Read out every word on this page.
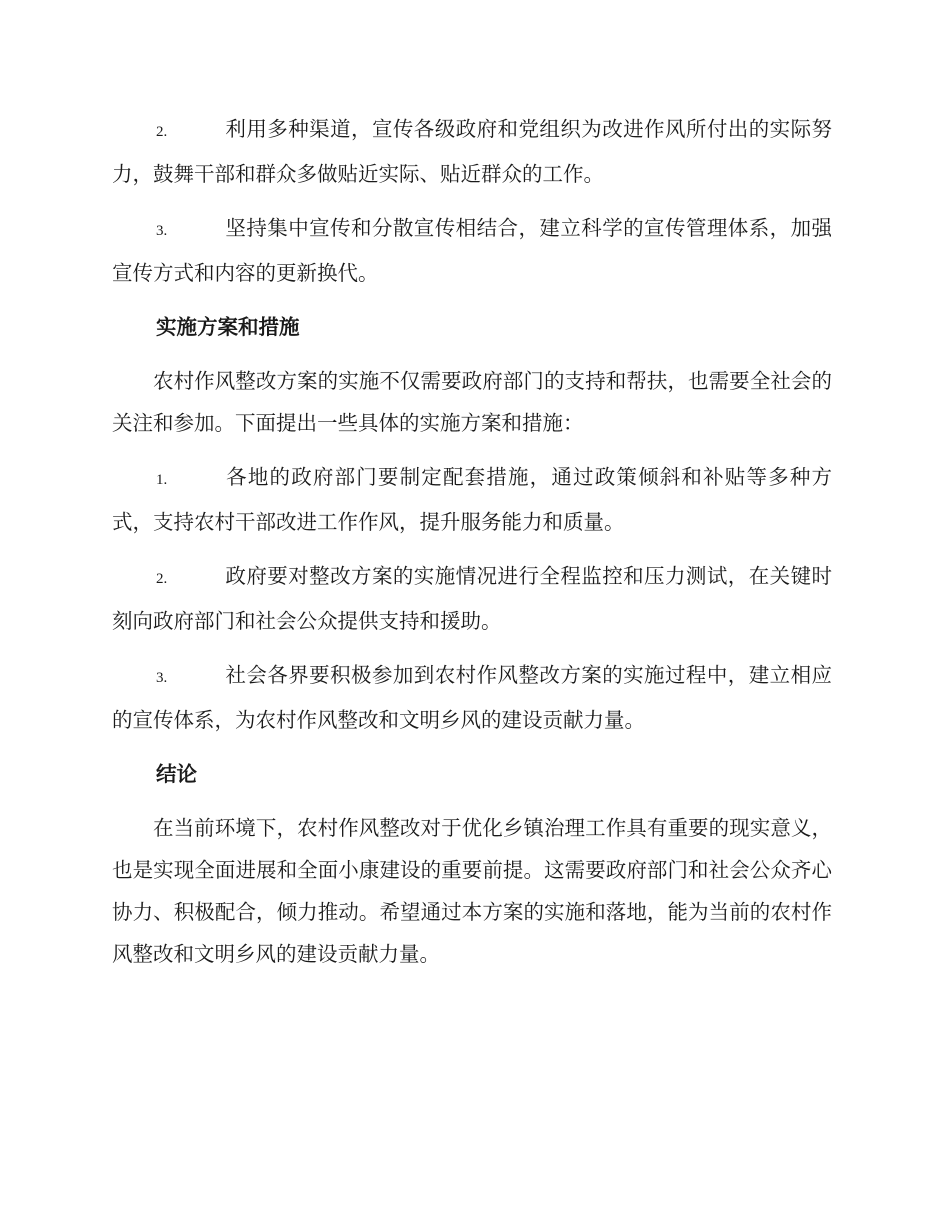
2.	利用多种渠道，宣传各级政府和党组织为改进作风所付出的实际努力，鼓舞干部和群众多做贴近实际、贴近群众的工作。

3.	坚持集中宣传和分散宣传相结合，建立科学的宣传管理体系，加强宣传方式和内容的更新换代。

实施方案和措施

农村作风整改方案的实施不仅需要政府部门的支持和帮扶，也需要全社会的关注和参加。下面提出一些具体的实施方案和措施：

1.	各地的政府部门要制定配套措施，通过政策倾斜和补贴等多种方式，支持农村干部改进工作作风，提升服务能力和质量。

2.	政府要对整改方案的实施情况进行全程监控和压力测试，在关键时刻向政府部门和社会公众提供支持和援助。

3.	社会各界要积极参加到农村作风整改方案的实施过程中，建立相应的宣传体系，为农村作风整改和文明乡风的建设贡献力量。

结论

在当前环境下，农村作风整改对于优化乡镇治理工作具有重要的现实意义，也是实现全面进展和全面小康建设的重要前提。这需要政府部门和社会公众齐心协力、积极配合，倾力推动。希望通过本方案的实施和落地，能为当前的农村作风整改和文明乡风的建设贡献力量。
